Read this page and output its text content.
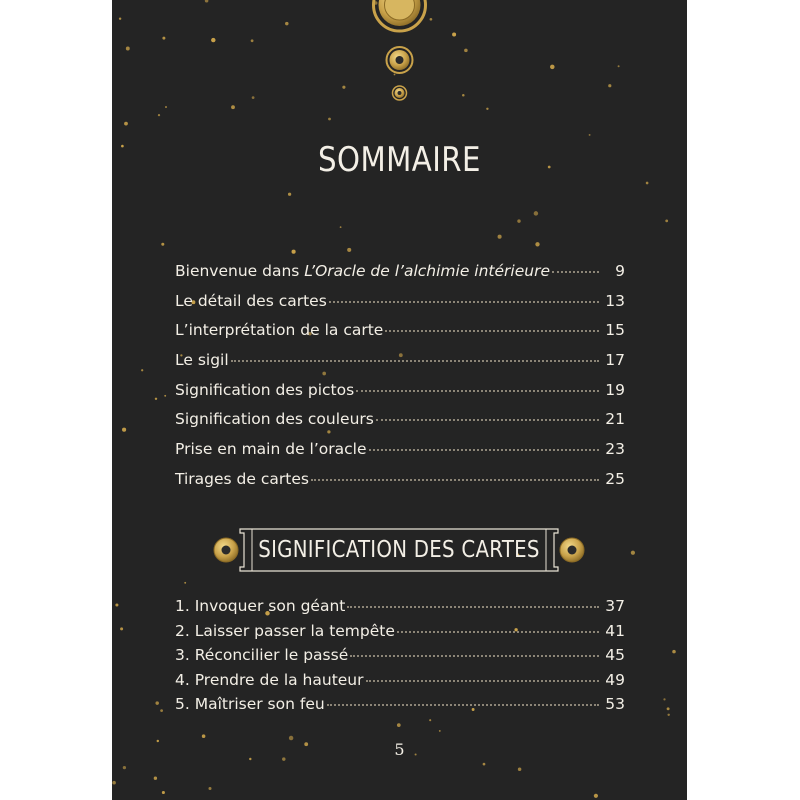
SOMMAIRE
Bienvenue dans L’Oracle de l’alchimie intérieure	9
Le détail des cartes	13
L’interprétation de la carte	15
Le sigil	17
Signification des pictos	19
Signification des couleurs	21
Prise en main de l’oracle	23
Tirages de cartes	25
SIGNIFICATION DES CARTES
1. Invoquer son géant	37
2. Laisser passer la tempête	41
3. Réconcilier le passé	45
4. Prendre de la hauteur	49
5. Maîtriser son feu	53
5
